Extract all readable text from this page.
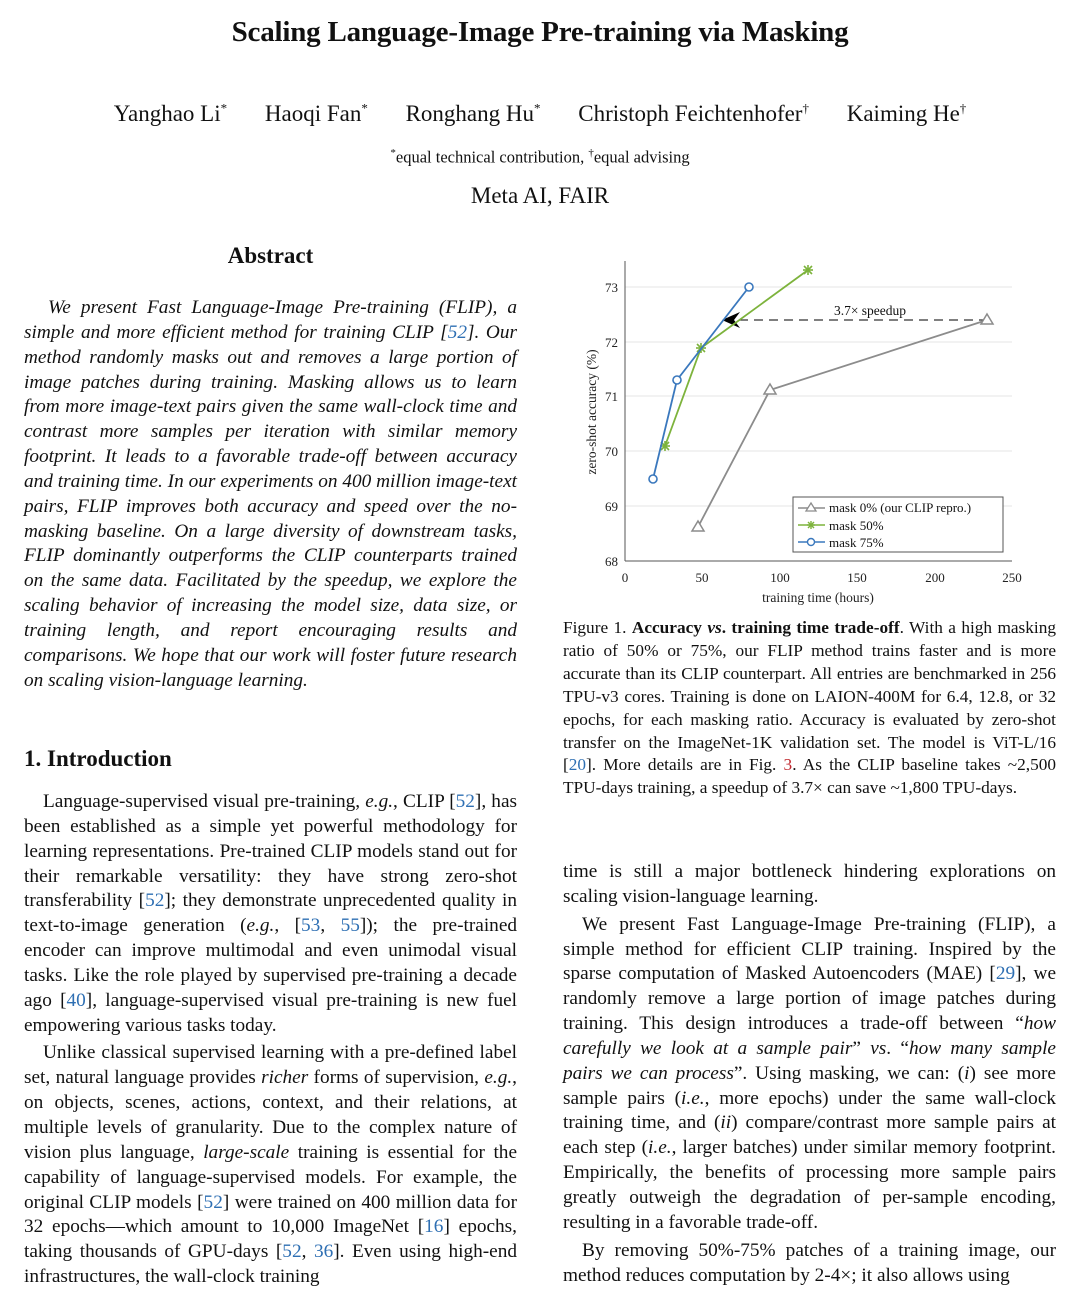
Scaling Language-Image Pre-training via Masking
Yanghao Li* Haoqi Fan* Ronghang Hu* Christoph Feichtenhofer† Kaiming He†
*equal technical contribution, †equal advising
Meta AI, FAIR
Abstract

We present Fast Language-Image Pre-training (FLIP), a simple and more efficient method for training CLIP [52]. Our method randomly masks out and removes a large portion of image patches during training. Masking allows us to learn from more image-text pairs given the same wall-clock time and contrast more samples per iteration with similar memory footprint. It leads to a favorable trade-off between accuracy and training time. In our experiments on 400 million image-text pairs, FLIP improves both accuracy and speed over the no-masking baseline. On a large diversity of downstream tasks, FLIP dominantly outperforms the CLIP counterparts trained on the same data. Facilitated by the speedup, we explore the scaling behavior of increasing the model size, data size, or training length, and report encouraging results and comparisons. We hope that our work will foster future research on scaling vision-language learning.

1. Introduction

Language-supervised visual pre-training, e.g., CLIP [52], has been established as a simple yet powerful methodology for learning representations. Pre-trained CLIP models stand out for their remarkable versatility: they have strong zero-shot transferability [52]; they demonstrate unprecedented quality in text-to-image generation (e.g., [53, 55]); the pre-trained encoder can improve multimodal and even unimodal visual tasks. Like the role played by supervised pre-training a decade ago [40], language-supervised visual pre-training is new fuel empowering various tasks today.

Unlike classical supervised learning with a pre-defined label set, natural language provides richer forms of supervision, e.g., on objects, scenes, actions, context, and their relations, at multiple levels of granularity. Due to the complex nature of vision plus language, large-scale training is essential for the capability of language-supervised models. For example, the original CLIP models [52] were trained on 400 million data for 32 epochs—which amount to 10,000 ImageNet [16] epochs, taking thousands of GPU-days [52, 36]. Even using high-end infrastructures, the wall-clock training

68
69
70
71
72
73
0	50	100	150	200	250
training time (hours)
zero-shot accuracy (%)
3.7× speedup
mask 0% (our CLIP repro.)
mask 50%
mask 75%

Figure 1. Accuracy vs. training time trade-off. With a high masking ratio of 50% or 75%, our FLIP method trains faster and is more accurate than its CLIP counterpart. All entries are benchmarked in 256 TPU-v3 cores. Training is done on LAION-400M for 6.4, 12.8, or 32 epochs, for each masking ratio. Accuracy is evaluated by zero-shot transfer on the ImageNet-1K validation set. The model is ViT-L/16 [20]. More details are in Fig. 3. As the CLIP baseline takes ~2,500 TPU-days training, a speedup of 3.7× can save ~1,800 TPU-days.

time is still a major bottleneck hindering explorations on scaling vision-language learning.

We present Fast Language-Image Pre-training (FLIP), a simple method for efficient CLIP training. Inspired by the sparse computation of Masked Autoencoders (MAE) [29], we randomly remove a large portion of image patches during training. This design introduces a trade-off between “how carefully we look at a sample pair” vs. “how many sample pairs we can process”. Using masking, we can: (i) see more sample pairs (i.e., more epochs) under the same wall-clock training time, and (ii) compare/contrast more sample pairs at each step (i.e., larger batches) under similar memory footprint. Empirically, the benefits of processing more sample pairs greatly outweigh the degradation of per-sample encoding, resulting in a favorable trade-off.

By removing 50%-75% patches of a training image, our method reduces computation by 2-4×; it also allows using
